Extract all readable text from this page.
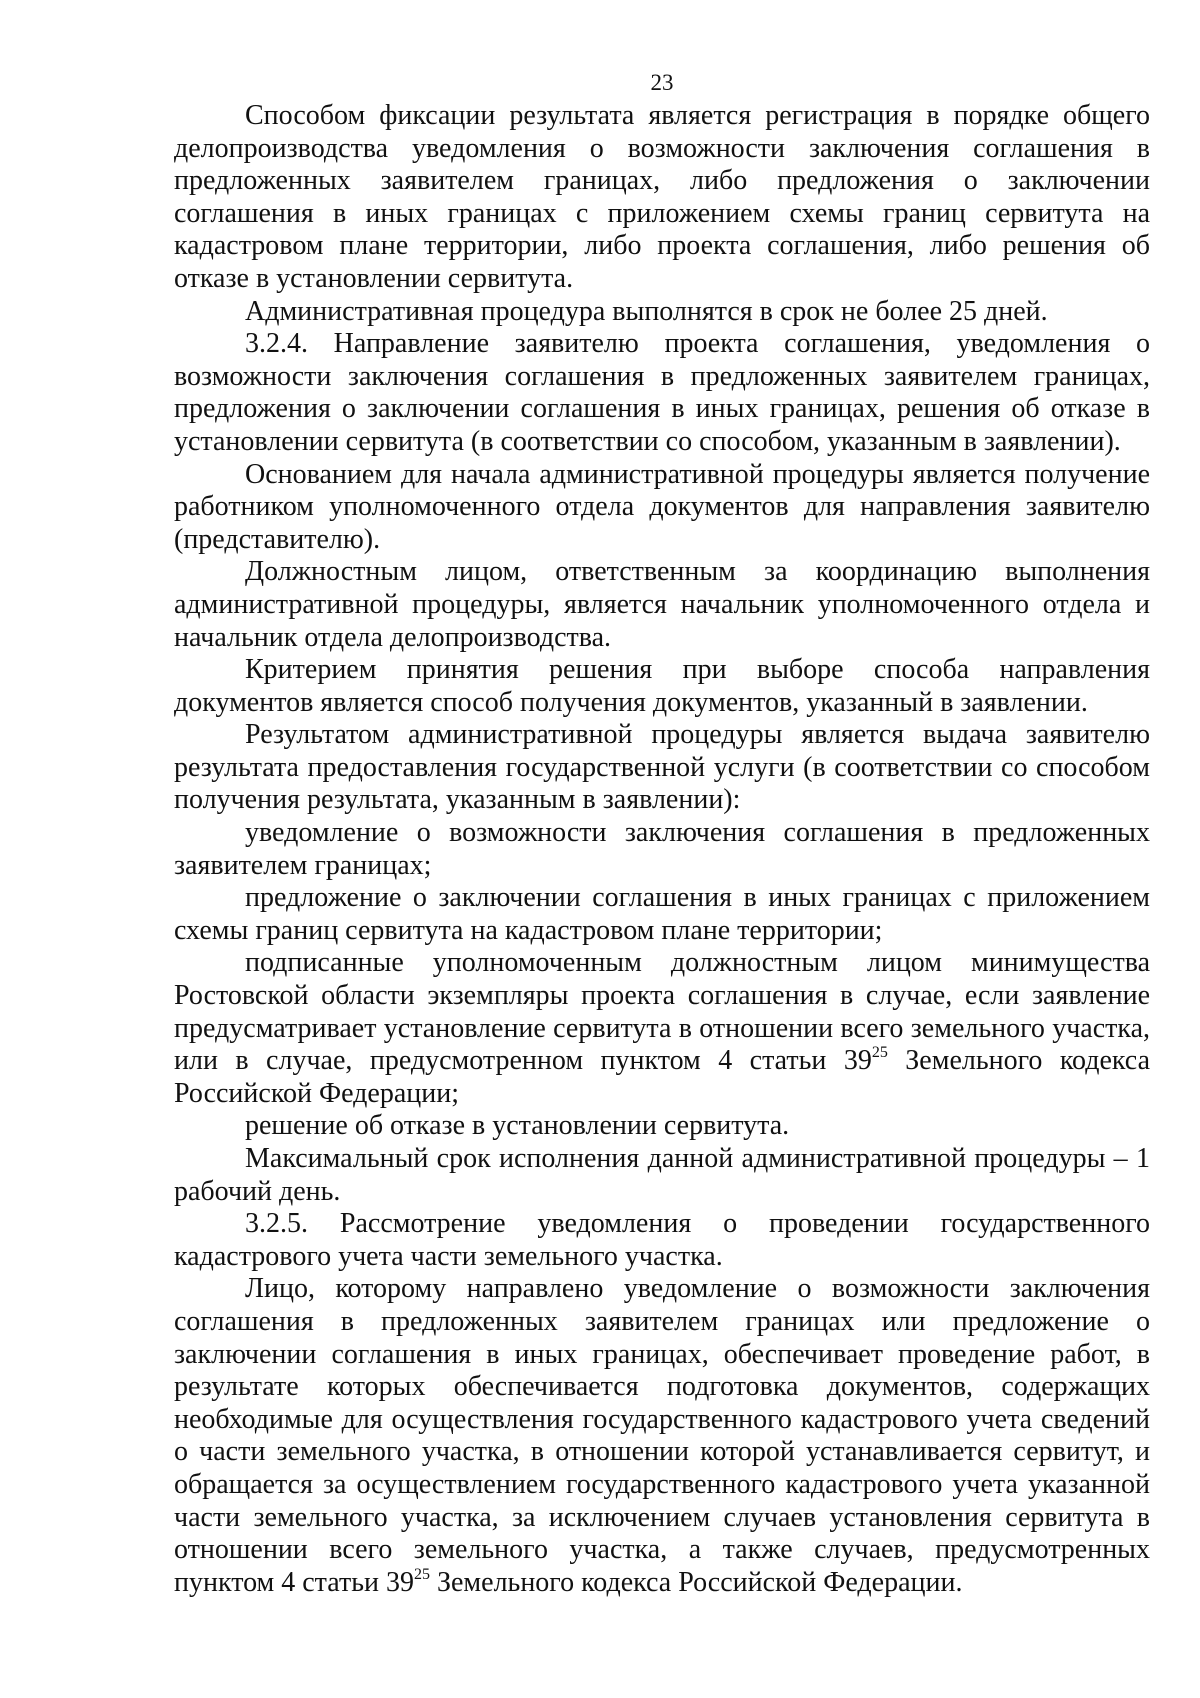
23

Способом фиксации результата является регистрация в порядке общего делопроизводства уведомления о возможности заключения соглашения в предложенных заявителем границах, либо предложения о заключении соглашения в иных границах с приложением схемы границ сервитута на кадастровом плане территории, либо проекта соглашения, либо решения об отказе в установлении сервитута.

Административная процедура выполнятся в срок не более 25 дней.

3.2.4. Направление заявителю проекта соглашения, уведомления о возможности заключения соглашения в предложенных заявителем границах, предложения о заключении соглашения в иных границах, решения об отказе в установлении сервитута (в соответствии со способом, указанным в заявлении).

Основанием для начала административной процедуры является получение работником уполномоченного отдела документов для направления заявителю (представителю).

Должностным лицом, ответственным за координацию выполнения административной процедуры, является начальник уполномоченного отдела и начальник отдела делопроизводства.

Критерием принятия решения при выборе способа направления документов является способ получения документов, указанный в заявлении.

Результатом административной процедуры является выдача заявителю результата предоставления государственной услуги (в соответствии со способом получения результата, указанным в заявлении):

уведомление о возможности заключения соглашения в предложенных заявителем границах;

предложение о заключении соглашения в иных границах с приложением схемы границ сервитута на кадастровом плане территории;

подписанные уполномоченным должностным лицом минимущества Ростовской области экземпляры проекта соглашения в случае, если заявление предусматривает установление сервитута в отношении всего земельного участка, или в случае, предусмотренном пунктом 4 статьи $39^{25}$ Земельного кодекса Российской Федерации;

решение об отказе в установлении сервитута.

Максимальный срок исполнения данной административной процедуры – 1 рабочий день.

3.2.5. Рассмотрение уведомления о проведении государственного кадастрового учета части земельного участка.

Лицо, которому направлено уведомление о возможности заключения соглашения в предложенных заявителем границах или предложение о заключении соглашения в иных границах, обеспечивает проведение работ, в результате которых обеспечивается подготовка документов, содержащих необходимые для осуществления государственного кадастрового учета сведений о части земельного участка, в отношении которой устанавливается сервитут, и обращается за осуществлением государственного кадастрового учета указанной части земельного участка, за исключением случаев установления сервитута в отношении всего земельного участка, а также случаев, предусмотренных пунктом 4 статьи $39^{25}$ Земельного кодекса Российской Федерации.
